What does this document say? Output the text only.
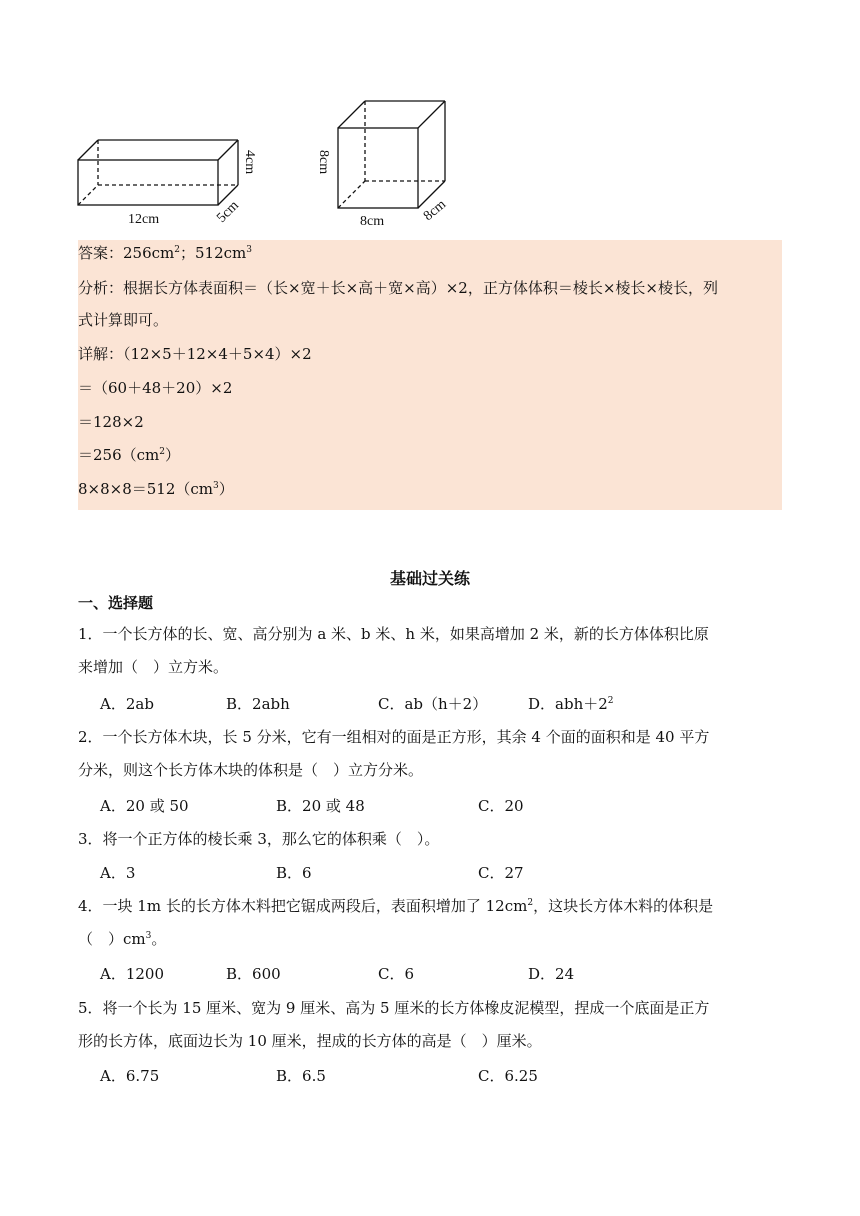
12cm	5cm
4cm	8cm
8cm	8cm
答案：$256cm^2$；$512cm^3$
分析：根据长方体表面积＝（长×宽＋长×高＋宽×高）×2，正方体体积＝棱长×棱长×棱长，列
式计算即可。
详解：（12×5＋12×4＋5×4）×2
＝（60＋48＋20）×2
＝128×2
$=256(cm^2)$
$8\times 8\times 8=512(cm^3)$
基础过关练
一、选择题
1．一个长方体的长、宽、高分别为 a 米、b 米、h 米，如果高增加 2 米，新的长方体体积比原
来增加（　）立方米。
A．2ab	B．2abh	C．ab（h＋2）	D．$abh+2^2$
2．一个长方体木块，长 5 分米，它有一组相对的面是正方形，其余 4 个面的面积和是 40 平方
分米，则这个长方体木块的体积是（　）立方分米。
A．20 或 50	B．20 或 48	C．20
3．将一个正方体的棱长乘 3，那么它的体积乘（　）。
A．3	B．6	C．27
4．一块 1m 长的长方体木料把它锯成两段后，表面积增加了 $12cm^2$，这块长方体木料的体积是
（　）$cm^3$。
A．1200	B．600	C．6	D．24
5．将一个长为 15 厘米、宽为 9 厘米、高为 5 厘米的长方体橡皮泥模型，捏成一个底面是正方
形的长方体，底面边长为 10 厘米，捏成的长方体的高是（　）厘米。
A．6.75	B．6.5	C．6.25
